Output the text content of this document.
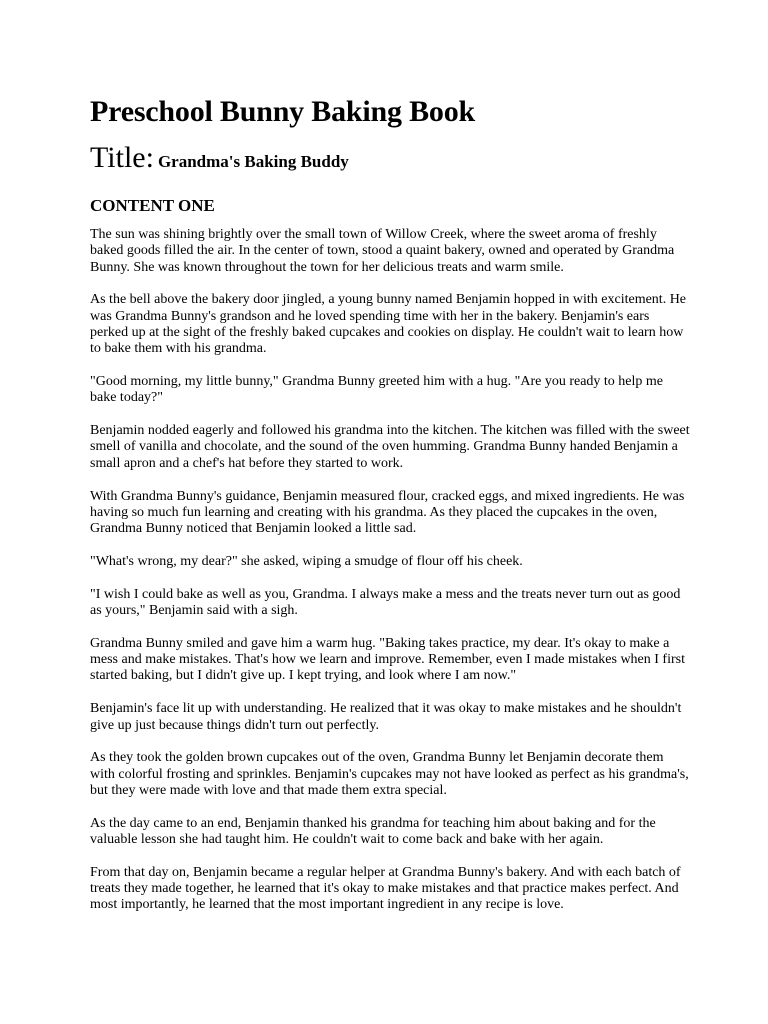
Preschool Bunny Baking Book
Title: Grandma's Baking Buddy
CONTENT ONE

The sun was shining brightly over the small town of Willow Creek, where the sweet aroma of freshly baked goods filled the air. In the center of town, stood a quaint bakery, owned and operated by Grandma Bunny. She was known throughout the town for her delicious treats and warm smile.

As the bell above the bakery door jingled, a young bunny named Benjamin hopped in with excitement. He was Grandma Bunny's grandson and he loved spending time with her in the bakery. Benjamin's ears perked up at the sight of the freshly baked cupcakes and cookies on display. He couldn't wait to learn how to bake them with his grandma.

"Good morning, my little bunny," Grandma Bunny greeted him with a hug. "Are you ready to help me bake today?"

Benjamin nodded eagerly and followed his grandma into the kitchen. The kitchen was filled with the sweet smell of vanilla and chocolate, and the sound of the oven humming. Grandma Bunny handed Benjamin a small apron and a chef's hat before they started to work.

With Grandma Bunny's guidance, Benjamin measured flour, cracked eggs, and mixed ingredients. He was having so much fun learning and creating with his grandma. As they placed the cupcakes in the oven, Grandma Bunny noticed that Benjamin looked a little sad.

"What's wrong, my dear?" she asked, wiping a smudge of flour off his cheek.

"I wish I could bake as well as you, Grandma. I always make a mess and the treats never turn out as good as yours," Benjamin said with a sigh.

Grandma Bunny smiled and gave him a warm hug. "Baking takes practice, my dear. It's okay to make a mess and make mistakes. That's how we learn and improve. Remember, even I made mistakes when I first started baking, but I didn't give up. I kept trying, and look where I am now."

Benjamin's face lit up with understanding. He realized that it was okay to make mistakes and he shouldn't give up just because things didn't turn out perfectly.

As they took the golden brown cupcakes out of the oven, Grandma Bunny let Benjamin decorate them with colorful frosting and sprinkles. Benjamin's cupcakes may not have looked as perfect as his grandma's, but they were made with love and that made them extra special.

As the day came to an end, Benjamin thanked his grandma for teaching him about baking and for the valuable lesson she had taught him. He couldn't wait to come back and bake with her again.

From that day on, Benjamin became a regular helper at Grandma Bunny's bakery. And with each batch of treats they made together, he learned that it's okay to make mistakes and that practice makes perfect. And most importantly, he learned that the most important ingredient in any recipe is love.
